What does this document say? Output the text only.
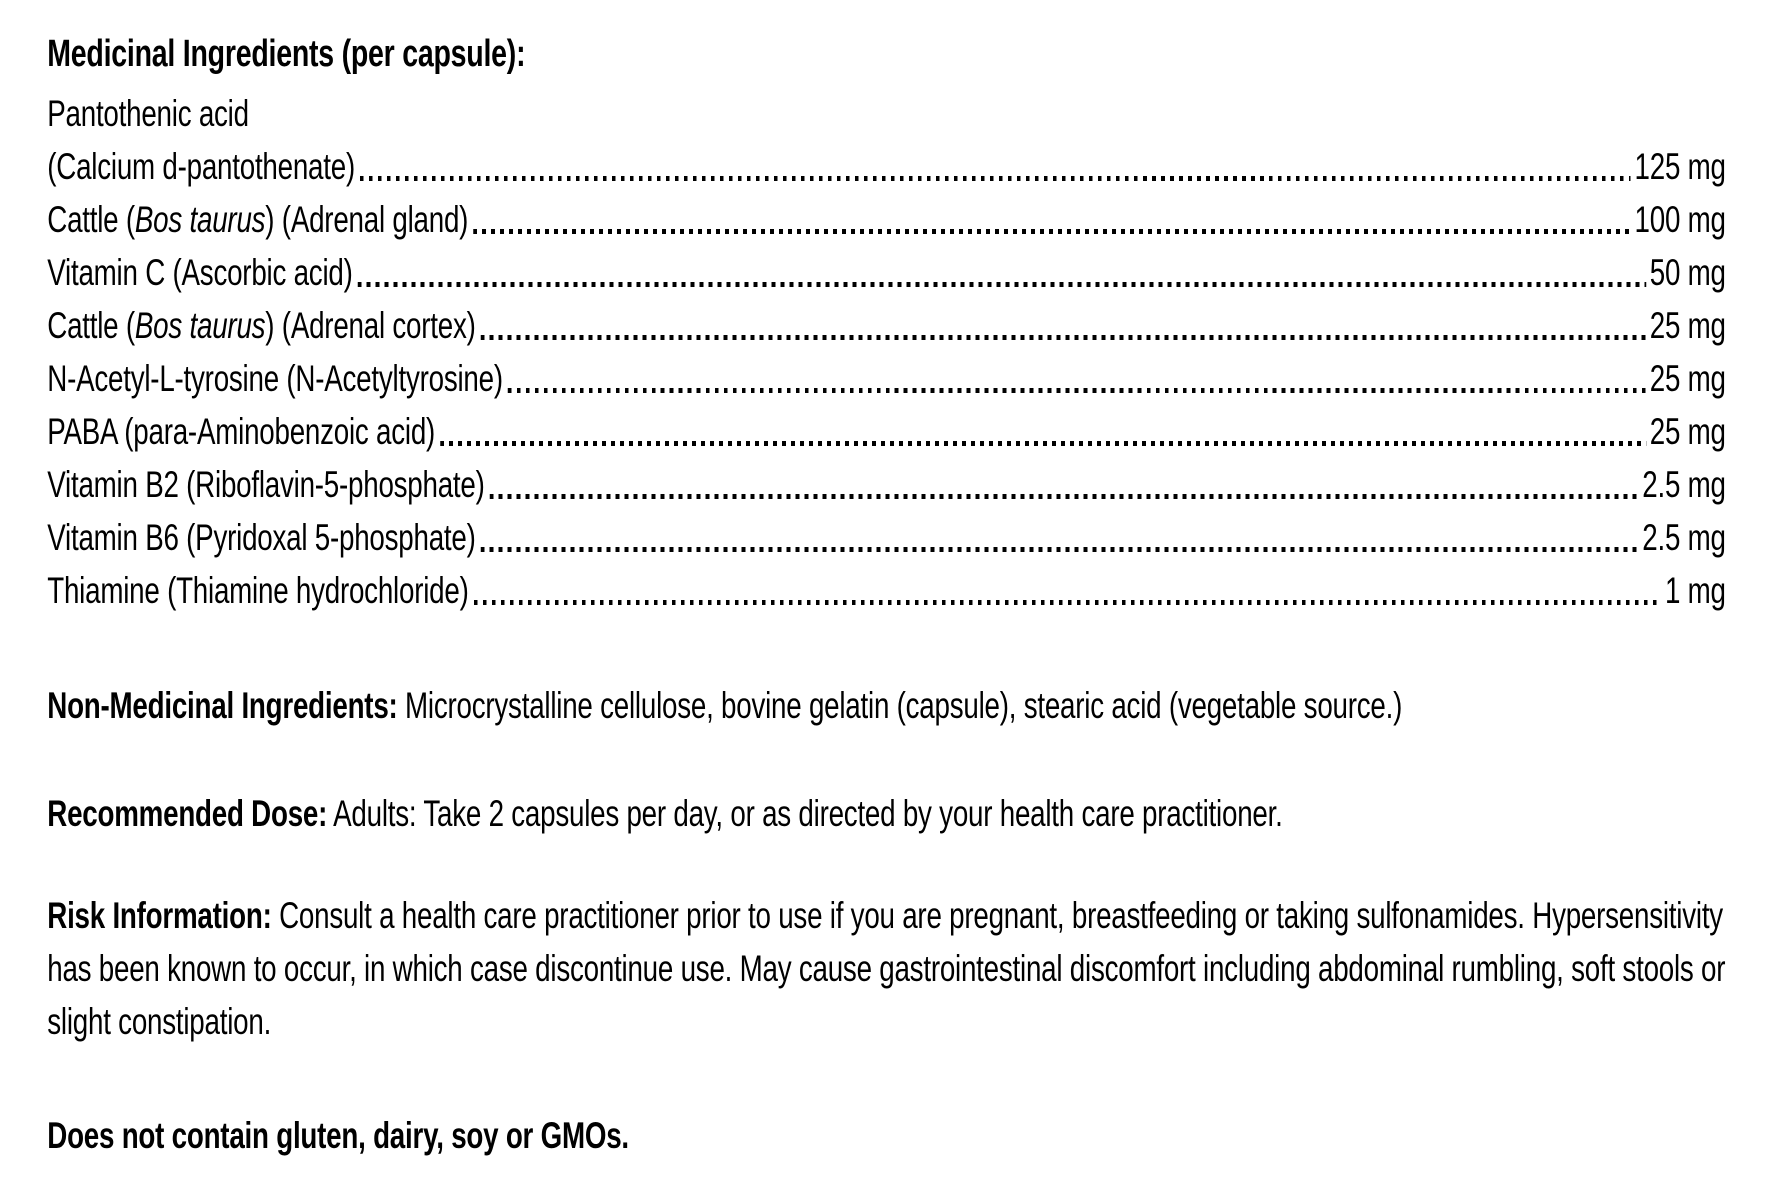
Medicinal Ingredients (per capsule):

Pantothenic acid
(Calcium d-pantothenate)	125 mg
Cattle (Bos taurus) (Adrenal gland)	100 mg
Vitamin C (Ascorbic acid)	50 mg
Cattle (Bos taurus) (Adrenal cortex)	25 mg
N-Acetyl-L-tyrosine (N-Acetyltyrosine)	25 mg
PABA (para-Aminobenzoic acid)	25 mg
Vitamin B2 (Riboflavin-5-phosphate)	2.5 mg
Vitamin B6 (Pyridoxal 5-phosphate)	2.5 mg
Thiamine (Thiamine hydrochloride)	1 mg

Non-Medicinal Ingredients: Microcrystalline cellulose, bovine gelatin (capsule), stearic acid (vegetable source.)

Recommended Dose: Adults: Take 2 capsules per day, or as directed by your health care practitioner.

Risk Information: Consult a health care practitioner prior to use if you are pregnant, breastfeeding or taking sulfonamides. Hypersensitivity has been known to occur, in which case discontinue use. May cause gastrointestinal discomfort including abdominal rumbling, soft stools or slight constipation.

Does not contain gluten, dairy, soy or GMOs.
